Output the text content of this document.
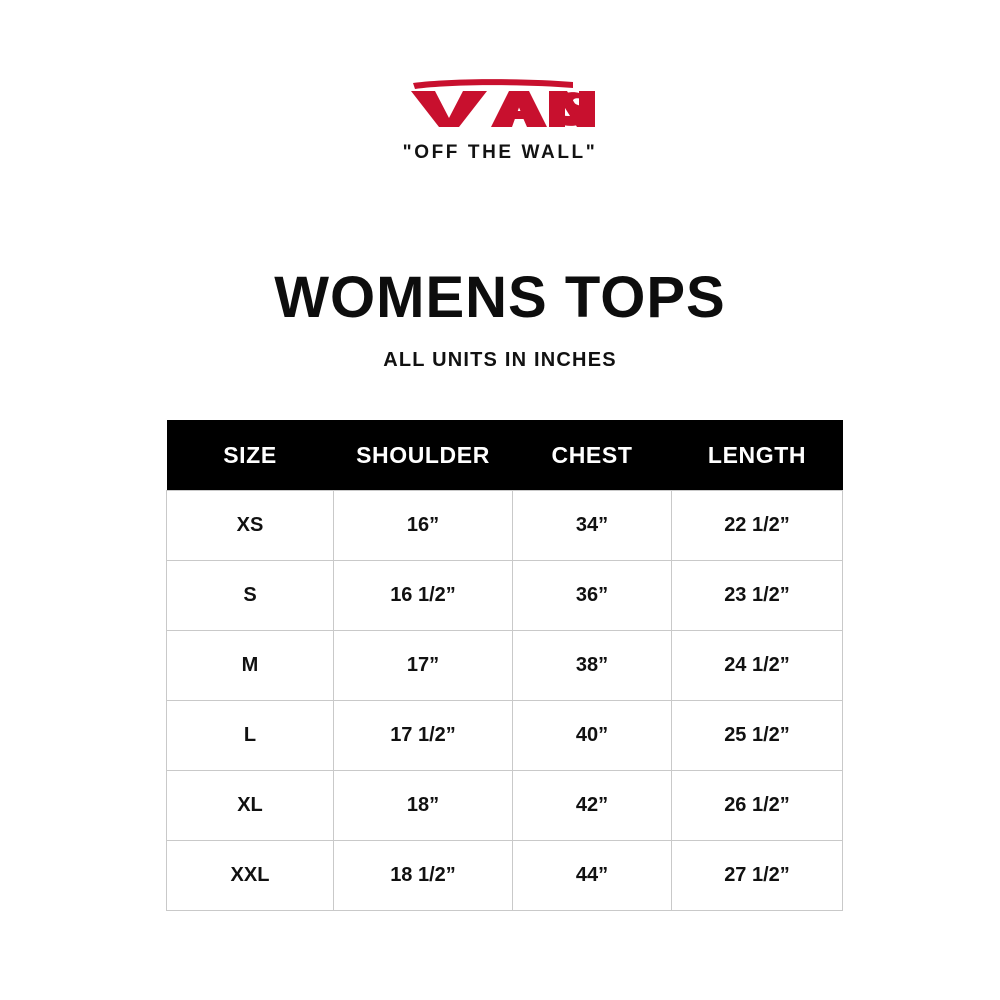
®
"OFF THE WALL"
WOMENS TOPS
ALL UNITS IN INCHES
SIZE	SHOULDER	CHEST	LENGTH
XS	16”	34”	22 1/2”
S	16 1/2”	36”	23 1/2”
M	17”	38”	24 1/2”
L	17 1/2”	40”	25 1/2”
XL	18”	42”	26 1/2”
XXL	18 1/2”	44”	27 1/2”
